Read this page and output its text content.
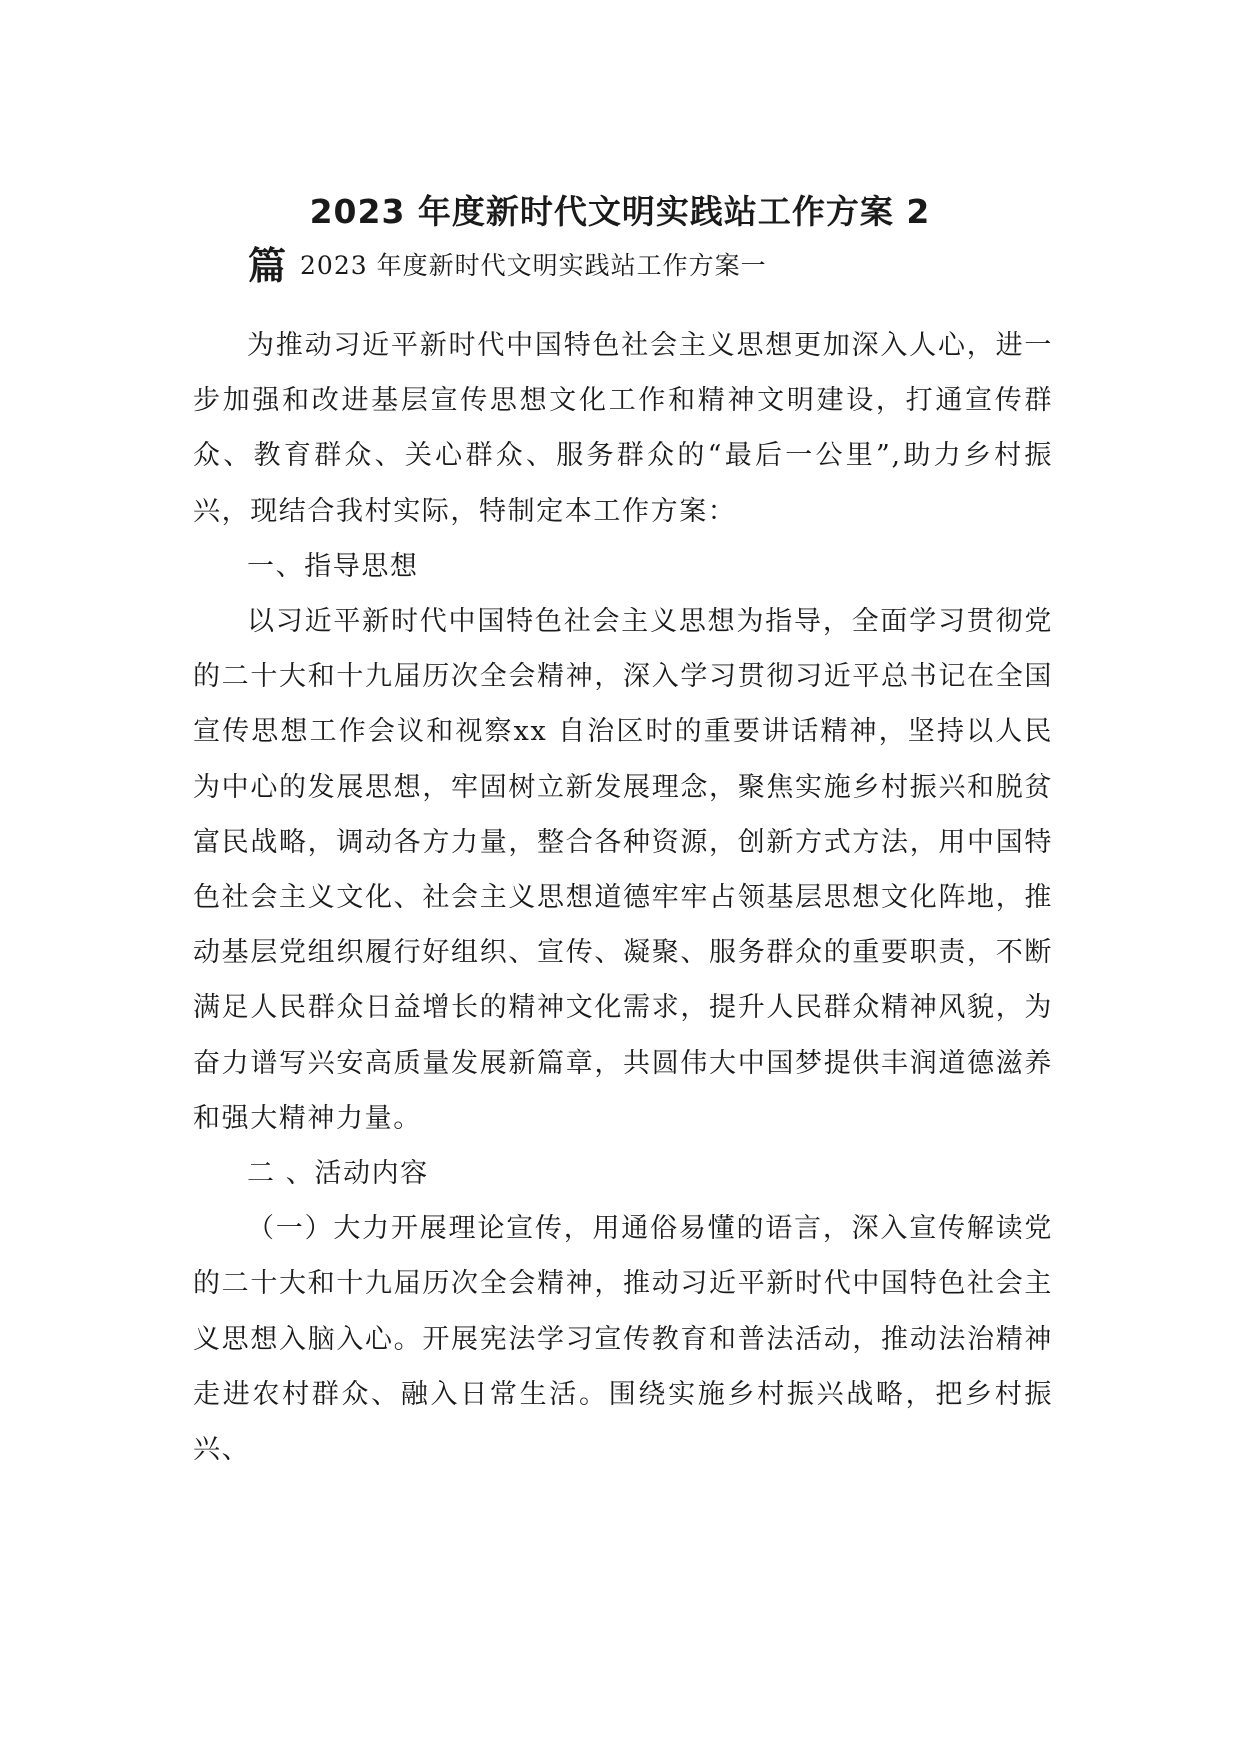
2023 年度新时代文明实践站工作方案 2
篇 2023 年度新时代文明实践站工作方案一

为推动习近平新时代中国特色社会主义思想更加深入人心，进一步加强和改进基层宣传思想文化工作和精神文明建设，打通宣传群众、教育群众、关心群众、服务群众的“最后一公里”,助力乡村振兴，现结合我村实际，特制定本工作方案：

一、指导思想

以习近平新时代中国特色社会主义思想为指导，全面学习贯彻党的二十大和十九届历次全会精神，深入学习贯彻习近平总书记在全国宣传思想工作会议和视察xx 自治区时的重要讲话精神，坚持以人民为中心的发展思想，牢固树立新发展理念，聚焦实施乡村振兴和脱贫富民战略，调动各方力量，整合各种资源，创新方式方法，用中国特色社会主义文化、社会主义思想道德牢牢占领基层思想文化阵地，推动基层党组织履行好组织、宣传、凝聚、服务群众的重要职责，不断满足人民群众日益增长的精神文化需求，提升人民群众精神风貌，为奋力谱写兴安高质量发展新篇章，共圆伟大中国梦提供丰润道德滋养和强大精神力量。

二 、活动内容

（一）大力开展理论宣传，用通俗易懂的语言，深入宣传解读党的二十大和十九届历次全会精神，推动习近平新时代中国特色社会主义思想入脑入心。开展宪法学习宣传教育和普法活动，推动法治精神走进农村群众、融入日常生活。围绕实施乡村振兴战略，把乡村振兴、
